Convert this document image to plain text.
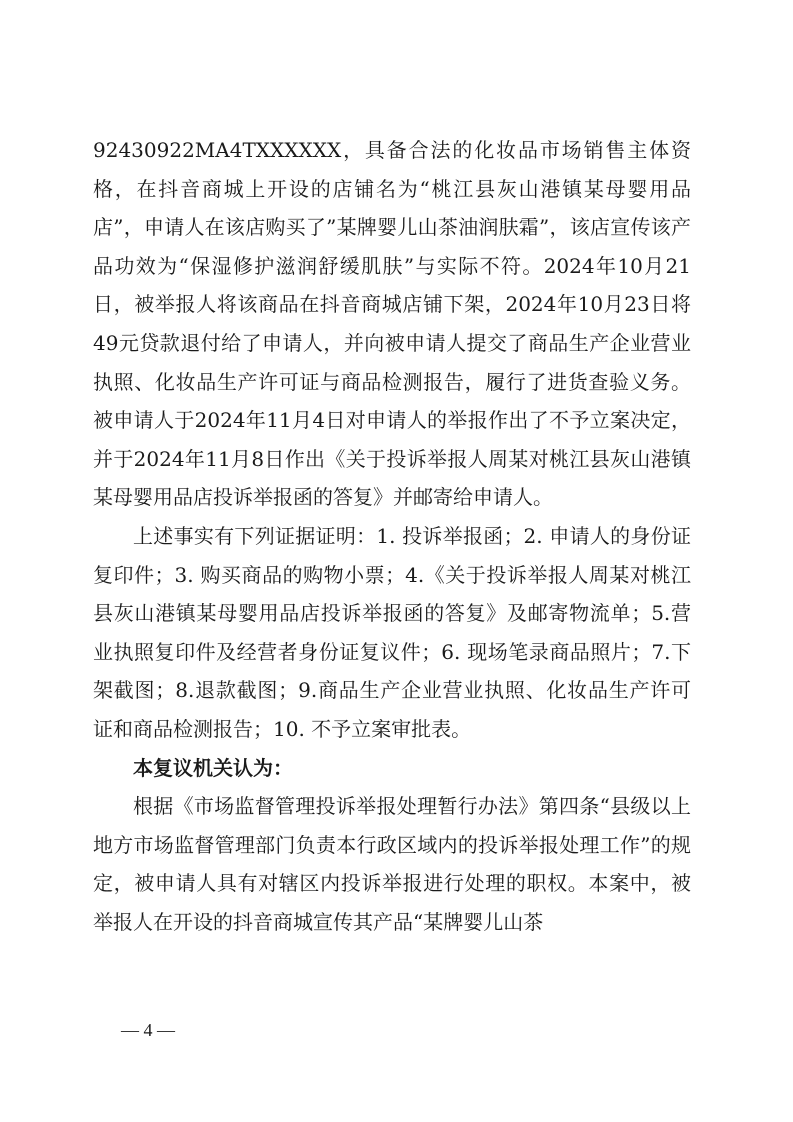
92430922MA4TXXXXXX，具备合法的化妆品市场销售主体资格，在抖音商城上开设的店铺名为“桃江县灰山港镇某母婴用品店”，申请人在该店购买了”某牌婴儿山茶油润肤霜”，该店宣传该产品功效为“保湿修护滋润舒缓肌肤”与实际不符。2024年10月21日，被举报人将该商品在抖音商城店铺下架，2024年10月23日将49元贷款退付给了申请人，并向被申请人提交了商品生产企业营业执照、化妆品生产许可证与商品检测报告，履行了进货查验义务。被申请人于2024年11月4日对申请人的举报作出了不予立案决定，并于2024年11月8日作出《关于投诉举报人周某对桃江县灰山港镇某母婴用品店投诉举报函的答复》并邮寄给申请人。

上述事实有下列证据证明：1. 投诉举报函；2. 申请人的身份证复印件；3. 购买商品的购物小票；4.《关于投诉举报人周某对桃江县灰山港镇某母婴用品店投诉举报函的答复》及邮寄物流单；5.营业执照复印件及经营者身份证复议件；6. 现场笔录商品照片；7.下架截图；8.退款截图；9.商品生产企业营业执照、化妆品生产许可证和商品检测报告；10. 不予立案审批表。

本复议机关认为：

根据《市场监督管理投诉举报处理暂行办法》第四条“县级以上地方市场监督管理部门负责本行政区域内的投诉举报处理工作”的规定，被申请人具有对辖区内投诉举报进行处理的职权。本案中，被举报人在开设的抖音商城宣传其产品“某牌婴儿山茶

— 4 —
